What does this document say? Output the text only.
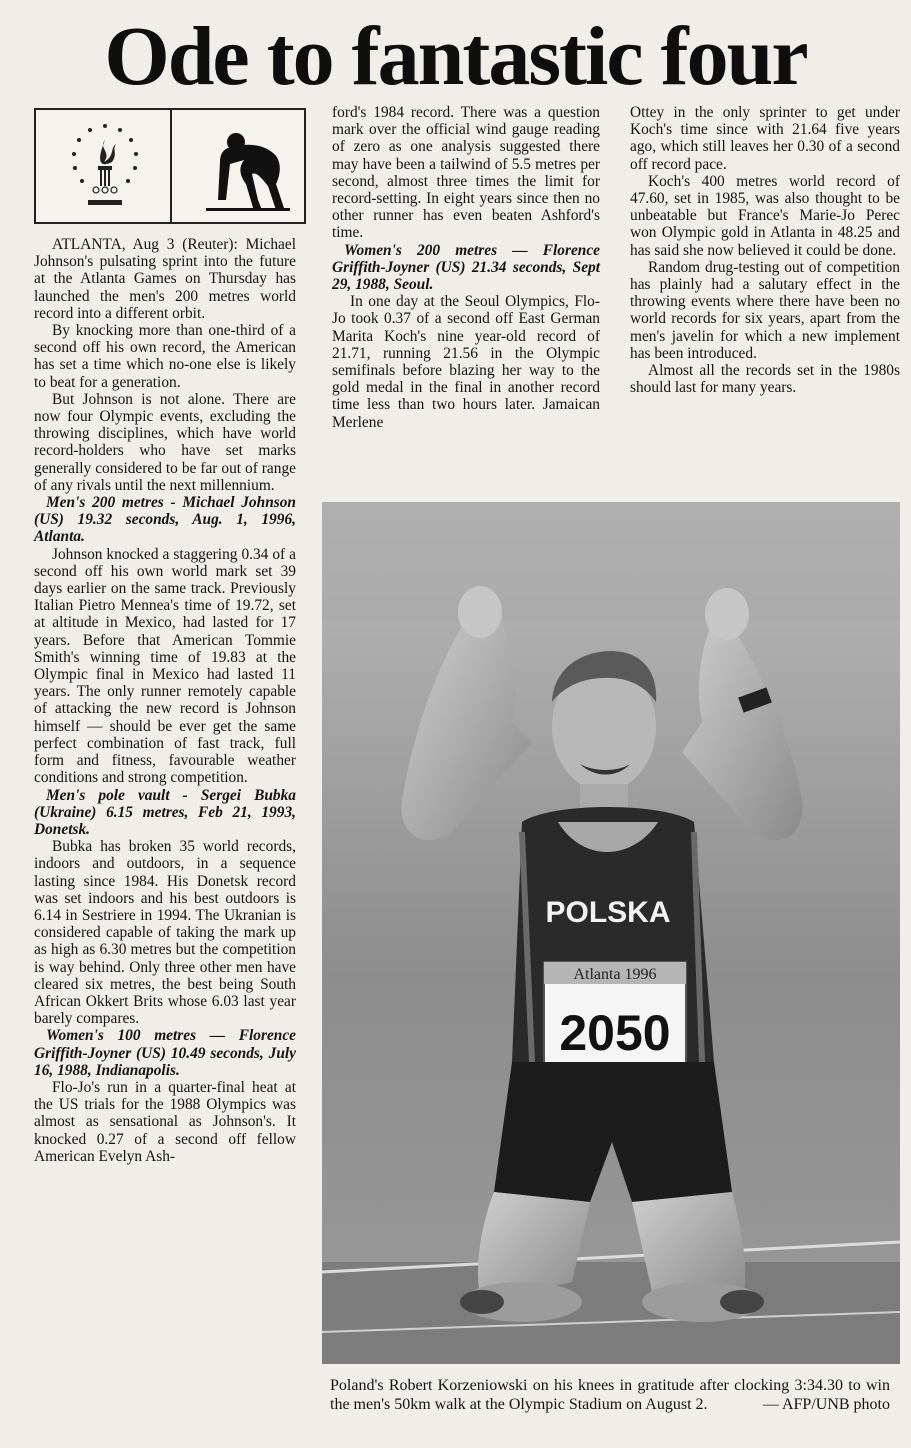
Ode to fantastic four

ATLANTA, Aug 3 (Reuter): Michael Johnson's pulsating sprint into the future at the Atlanta Games on Thursday has launched the men's 200 metres world record into a different orbit.

By knocking more than one-third of a second off his own record, the American has set a time which no-one else is likely to beat for a generation.

But Johnson is not alone. There are now four Olympic events, excluding the throwing disciplines, which have world record-holders who have set marks generally considered to be far out of range of any rivals until the next millennium.

Men's 200 metres - Michael Johnson (US) 19.32 seconds, Aug. 1, 1996, Atlanta.

Johnson knocked a staggering 0.34 of a second off his own world mark set 39 days earlier on the same track. Previously Italian Pietro Mennea's time of 19.72, set at altitude in Mexico, had lasted for 17 years. Before that American Tommie Smith's winning time of 19.83 at the Olympic final in Mexico had lasted 11 years. The only runner remotely capable of attacking the new record is Johnson himself — should be ever get the same perfect combination of fast track, full form and fitness, favourable weather conditions and strong competition.

Men's pole vault - Sergei Bubka (Ukraine) 6.15 metres, Feb 21, 1993, Donetsk.

Bubka has broken 35 world records, indoors and outdoors, in a sequence lasting since 1984. His Donetsk record was set indoors and his best outdoors is 6.14 in Sestriere in 1994. The Ukranian is considered capable of taking the mark up as high as 6.30 metres but the competition is way behind. Only three other men have cleared six metres, the best being South African Okkert Brits whose 6.03 last year barely compares.

Women's 100 metres — Florence Griffith-Joyner (US) 10.49 seconds, July 16, 1988, Indianapolis.

Flo-Jo's run in a quarter-final heat at the US trials for the 1988 Olympics was almost as sensational as Johnson's. It knocked 0.27 of a second off fellow American Evelyn Ash-

ford's 1984 record. There was a question mark over the official wind gauge reading of zero as one analysis suggested there may have been a tailwind of 5.5 metres per second, almost three times the limit for record-setting. In eight years since then no other runner has even beaten Ashford's time.

Women's 200 metres — Florence Griffith-Joyner (US) 21.34 seconds, Sept 29, 1988, Seoul.

In one day at the Seoul Olympics, Flo-Jo took 0.37 of a second off East German Marita Koch's nine year-old record of 21.71, running 21.56 in the Olympic semifinals before blazing her way to the gold medal in the final in another record time less than two hours later. Jamaican Merlene

Ottey in the only sprinter to get under Koch's time since with 21.64 five years ago, which still leaves her 0.30 of a second off record pace.

Koch's 400 metres world record of 47.60, set in 1985, was also thought to be unbeatable but France's Marie-Jo Perec won Olympic gold in Atlanta in 48.25 and has said she now believed it could be done.

Random drug-testing out of competition has plainly had a salutary effect in the throwing events where there have been no world records for six years, apart from the men's javelin for which a new implement has been introduced.

Almost all the records set in the 1980s should last for many years.

POLSKA
Atlanta 1996
2050
Poland's Robert Korzeniowski on his knees in gratitude after clocking 3:34.30 to win the men's 50km walk at the Olympic Stadium on August 2.	— AFP/UNB photo
